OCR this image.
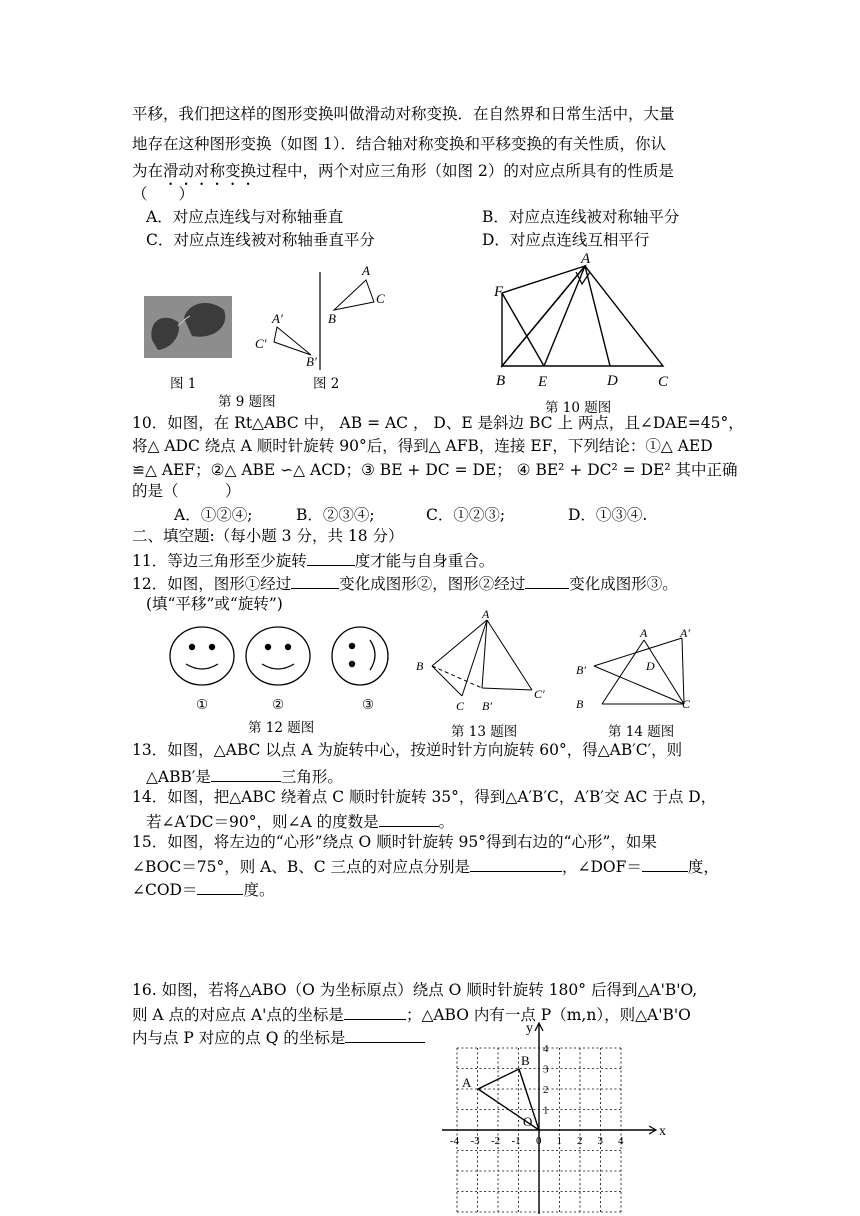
平移，我们把这样的图形变换叫做滑动对称变换．在自然界和日常生活中，大量
地存在这种图形变换（如图 1）．结合轴对称变换和平移变换的有关性质，你认
为在滑动对称变换过程中，两个对应三角形（如图 2）的对应点所具有的性质是
（　　）
A．对应点连线与对称轴垂直	B．对应点连线被对称轴平分
C．对应点连线被对称轴垂直平分	D．对应点连线互相平行
图 1
A
C
B
A′
C′
B′
图 2
第 9 题图
A
F
B E	D	C
第 10 题图
10．如图，在 Rt△ABC 中， AB = AC ， D、E 是斜边 BC 上 两点，且∠DAE=45°，
将△ ADC 绕点 A 顺时针旋转 90°后，得到△ AFB，连接 EF，下列结论：①△ AED
≌△ AEF；②△ ABE ∽△ ACD；③ BE + DC = DE； ④ BE² + DC² = DE² 其中正确
的是（　　　）
A．①②④;	B．②③④;	C．①②③;	D．①③④.
二、填空题:（每小题 3 分，共 18 分）
11．等边三角形至少旋转	度才能与自身重合。
12．如图，图形①经过	变化成图形②，图形②经过	变化成图形③。
(填“平移”或“旋转”)
①	②	③
第 12 题图
A
B
C B′
C′
第 13 题图
A	A′
B′	D
B	C
第 14 题图
13．如图，△ABC 以点 A 为旋转中心，按逆时针方向旋转 60°，得△AB′C′，则
△ABB′是	三角形。
14．如图，把△ABC 绕着点 C 顺时针旋转 35°，得到△A′B′C，A′B′交 AC 于点 D，
若∠A′DC＝90°，则∠A 的度数是	。
15．如图，将左边的“心形”绕点 O 顺时针旋转 95°得到右边的“心形”，如果
∠BOC＝75°，则 A、B、C 三点的对应点分别是	，∠DOF＝	度，
∠COD＝	度。
16. 如图，若将△ABO（O 为坐标原点）绕点 O 顺时针旋转 180° 后得到△A'B'O,
则 A 点的对应点 A'点的坐标是	；△ABO 内有一点 P（m,n），则△A'B'O
内与点 P 对应的点 Q 的坐标是
x
y
-4 -3 -2 -1 0 1 2 3 4
1
2
3
4
A
B
O
